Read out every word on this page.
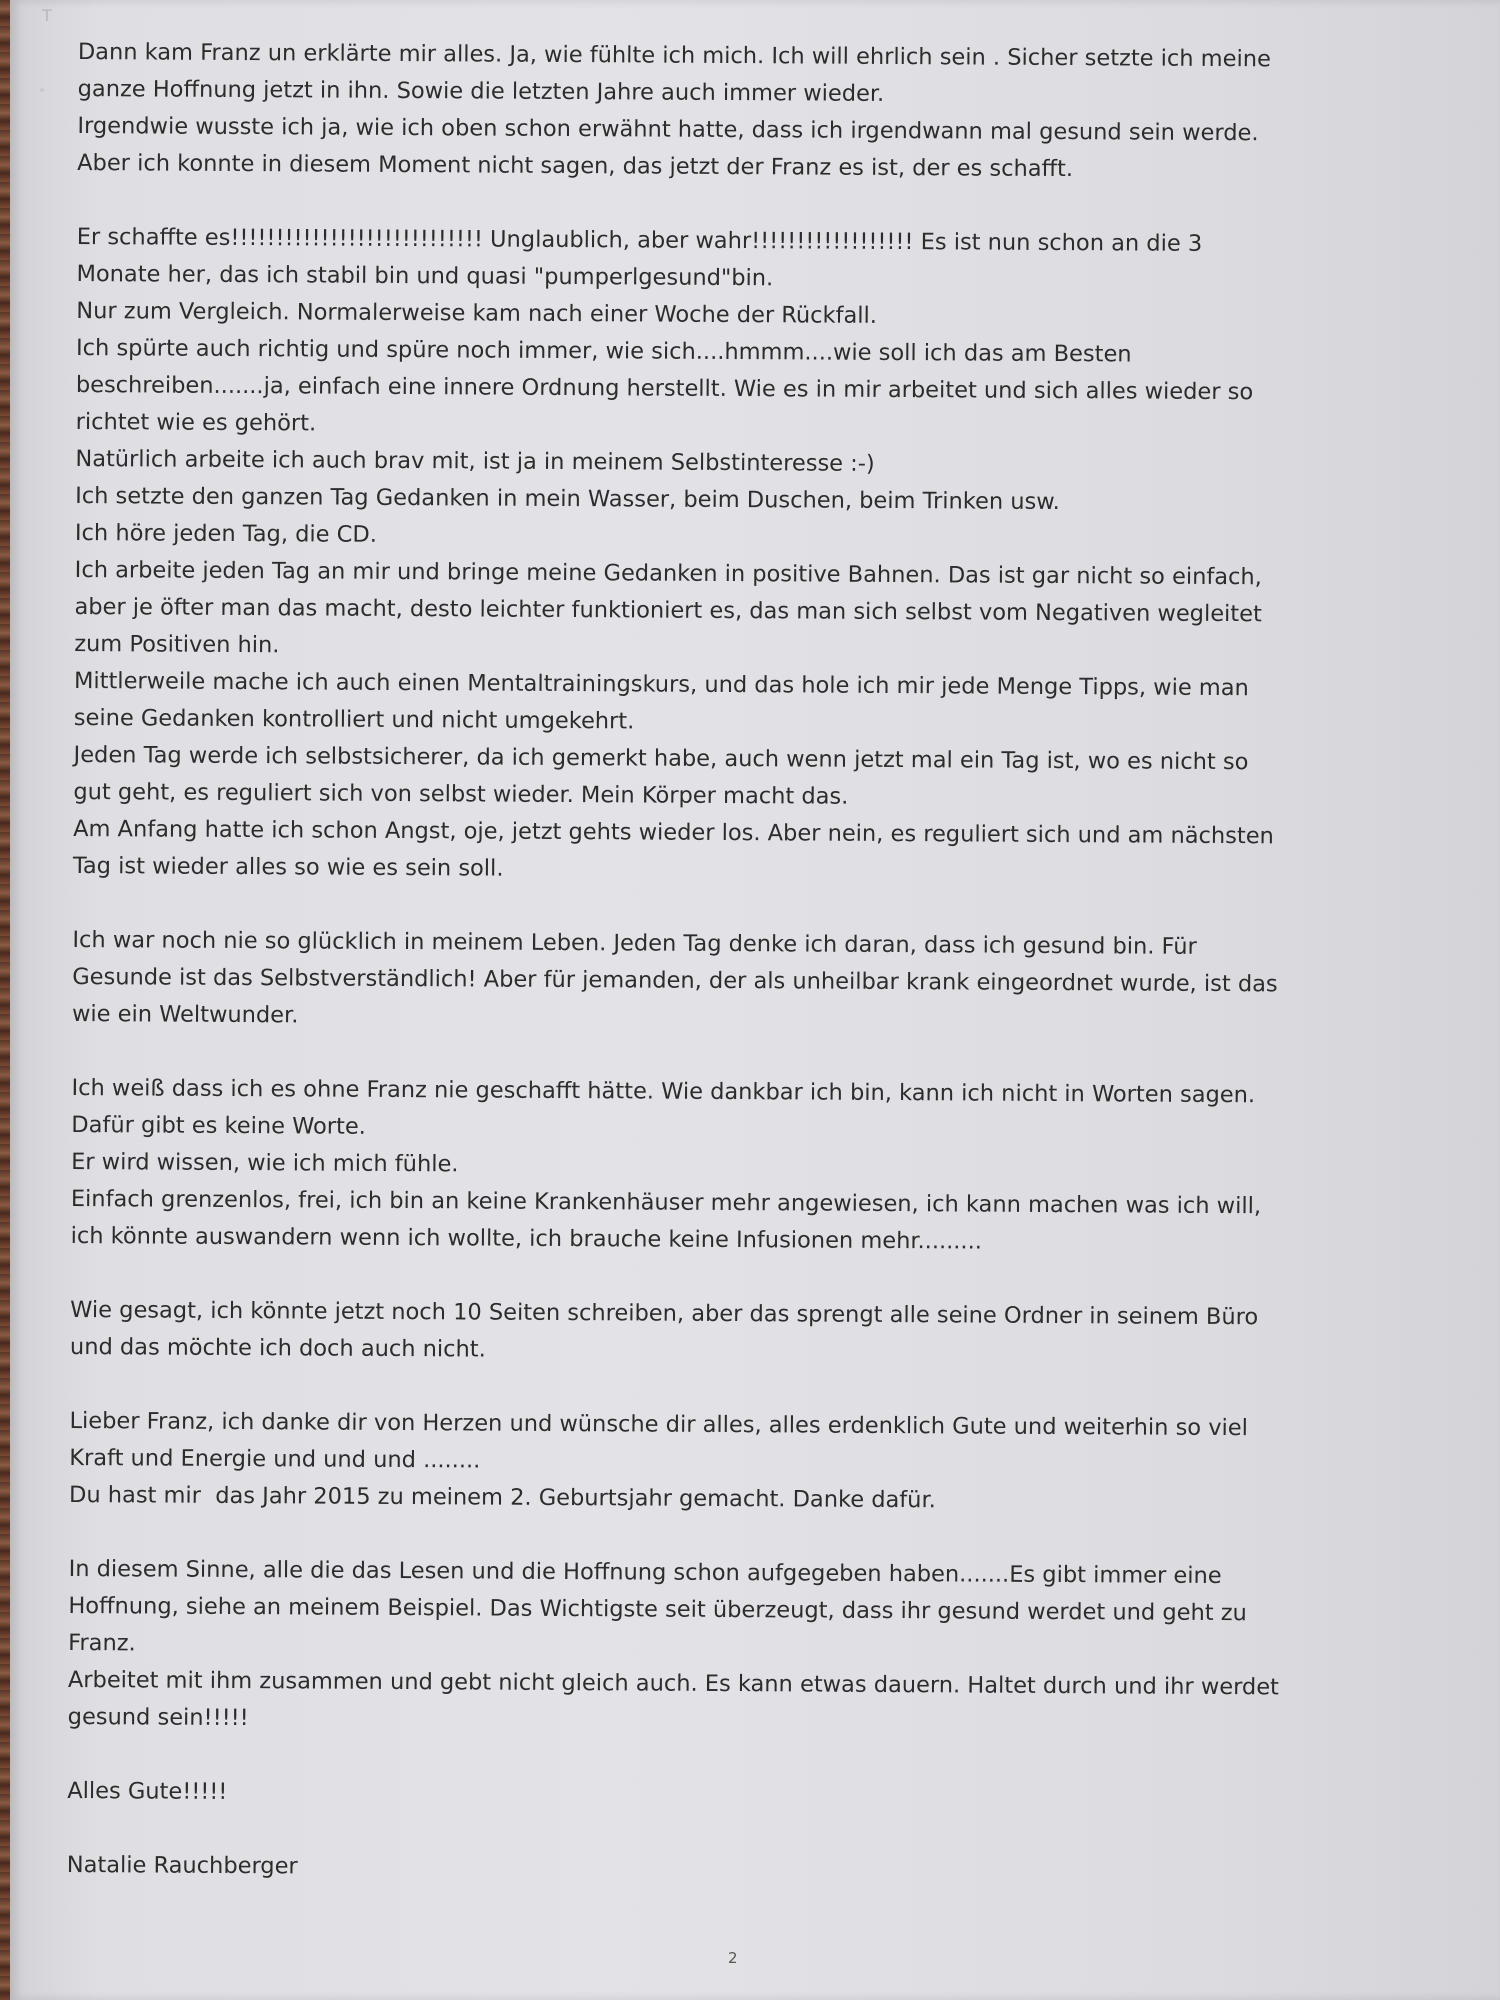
T
Dann kam Franz un erklärte mir alles. Ja, wie fühlte ich mich. Ich will ehrlich sein . Sicher setzte ich meine
ganze Hoffnung jetzt in ihn. Sowie die letzten Jahre auch immer wieder.
Irgendwie wusste ich ja, wie ich oben schon erwähnt hatte, dass ich irgendwann mal gesund sein werde.
Aber ich konnte in diesem Moment nicht sagen, das jetzt der Franz es ist, der es schafft.
Er schaffte es!!!!!!!!!!!!!!!!!!!!!!!!!!!! Unglaublich, aber wahr!!!!!!!!!!!!!!!!!! Es ist nun schon an die 3
Monate her, das ich stabil bin und quasi "pumperlgesund"bin.
Nur zum Vergleich. Normalerweise kam nach einer Woche der Rückfall.
Ich spürte auch richtig und spüre noch immer, wie sich....hmmm....wie soll ich das am Besten
beschreiben.......ja, einfach eine innere Ordnung herstellt. Wie es in mir arbeitet und sich alles wieder so
richtet wie es gehört.
Natürlich arbeite ich auch brav mit, ist ja in meinem Selbstinteresse :-)
Ich setzte den ganzen Tag Gedanken in mein Wasser, beim Duschen, beim Trinken usw.
Ich höre jeden Tag, die CD.
Ich arbeite jeden Tag an mir und bringe meine Gedanken in positive Bahnen. Das ist gar nicht so einfach,
aber je öfter man das macht, desto leichter funktioniert es, das man sich selbst vom Negativen wegleitet
zum Positiven hin.
Mittlerweile mache ich auch einen Mentaltrainingskurs, und das hole ich mir jede Menge Tipps, wie man
seine Gedanken kontrolliert und nicht umgekehrt.
Jeden Tag werde ich selbstsicherer, da ich gemerkt habe, auch wenn jetzt mal ein Tag ist, wo es nicht so
gut geht, es reguliert sich von selbst wieder. Mein Körper macht das.
Am Anfang hatte ich schon Angst, oje, jetzt gehts wieder los. Aber nein, es reguliert sich und am nächsten
Tag ist wieder alles so wie es sein soll.
Ich war noch nie so glücklich in meinem Leben. Jeden Tag denke ich daran, dass ich gesund bin. Für
Gesunde ist das Selbstverständlich! Aber für jemanden, der als unheilbar krank eingeordnet wurde, ist das
wie ein Weltwunder.
Ich weiß dass ich es ohne Franz nie geschafft hätte. Wie dankbar ich bin, kann ich nicht in Worten sagen.
Dafür gibt es keine Worte.
Er wird wissen, wie ich mich fühle.
Einfach grenzenlos, frei, ich bin an keine Krankenhäuser mehr angewiesen, ich kann machen was ich will,
ich könnte auswandern wenn ich wollte, ich brauche keine Infusionen mehr.........
Wie gesagt, ich könnte jetzt noch 10 Seiten schreiben, aber das sprengt alle seine Ordner in seinem Büro
und das möchte ich doch auch nicht.
Lieber Franz, ich danke dir von Herzen und wünsche dir alles, alles erdenklich Gute und weiterhin so viel
Kraft und Energie und und und ........
Du hast mir  das Jahr 2015 zu meinem 2. Geburtsjahr gemacht. Danke dafür.
In diesem Sinne, alle die das Lesen und die Hoffnung schon aufgegeben haben.......Es gibt immer eine
Hoffnung, siehe an meinem Beispiel. Das Wichtigste seit überzeugt, dass ihr gesund werdet und geht zu
Franz.
Arbeitet mit ihm zusammen und gebt nicht gleich auch. Es kann etwas dauern. Haltet durch und ihr werdet
gesund sein!!!!!
Alles Gute!!!!!
Natalie Rauchberger
2
